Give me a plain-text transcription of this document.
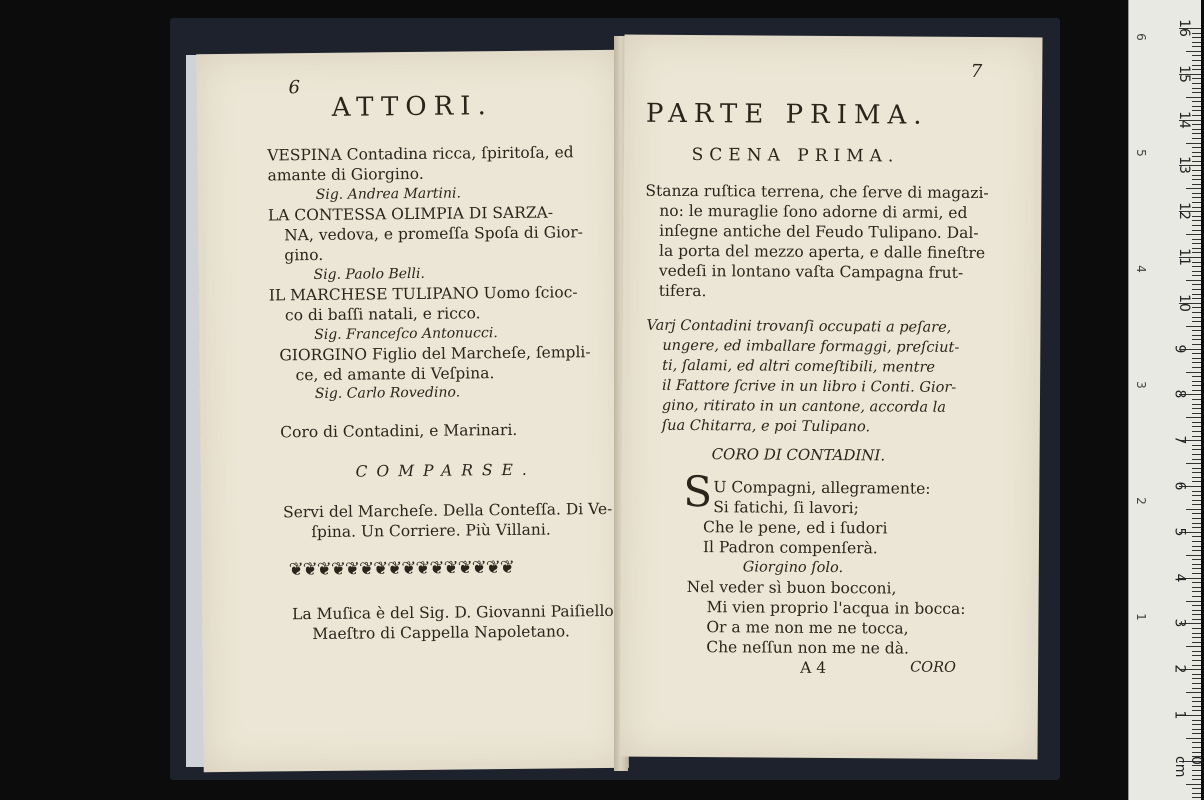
6
ATTORI.
VESPINA Contadina ricca, ſpiritoſa, ed
amante di Giorgino.
Sig. Andrea Martini.
LA CONTESSA OLIMPIA DI SARZA-
NA, vedova, e promeſſa Spoſa di Gior-
gino.
Sig. Paolo Belli.
IL MARCHESE TULIPANO Uomo ſcioc-
co di baſſi natali, e ricco.
Sig. Franceſco Antonucci.
GIORGINO Figlio del Marcheſe, ſempli-
ce, ed amante di Veſpina.
Sig. Carlo Rovedino.
Coro di Contadini, e Marinari.
COMPARSE.
Servi del Marcheſe. Della Conteſſa. Di Ve-
ſpina. Un Corriere. Più Villani.
❦❦❦❦❦❦❦❦❦❦❦❦❦❦❦❦
La Muſica è del Sig. D. Giovanni Paiſiello
Maeſtro di Cappella Napoletano.
7
PARTE PRIMA.
SCENA PRIMA.
Stanza ruſtica terrena, che ſerve di magazi-
no: le muraglie ſono adorne di armi, ed
inſegne antiche del Feudo Tulipano. Dal-
la porta del mezzo aperta, e dalle fineſtre
vedeſi in lontano vaſta Campagna frut-
tifera.
Varj Contadini trovanſi occupati a peſare,
ungere, ed imballare formaggi, preſciut-
ti, ſalami, ed altri comeſtibili, mentre
il Fattore ſcrive in un libro i Conti. Gior-
gino, ritirato in un cantone, accorda la
ſua Chitarra, e poi Tulipano.
CORO DI CONTADINI.
S U Compagni, allegramente:
Si fatichi, ſi lavori;
Che le pene, ed i ſudori
Il Padron compenſerà.
Giorgino ſolo.
Nel veder sì buon bocconi,
Mi vien proprio l'acqua in bocca:
Or a me non me ne tocca,
Che neſſun non me ne dà.
A 4	CORO
16
15
14
13
12
11
10
9
8
7
6
5
4
3
2
1
0 cm
6
5
4
3
2
1
